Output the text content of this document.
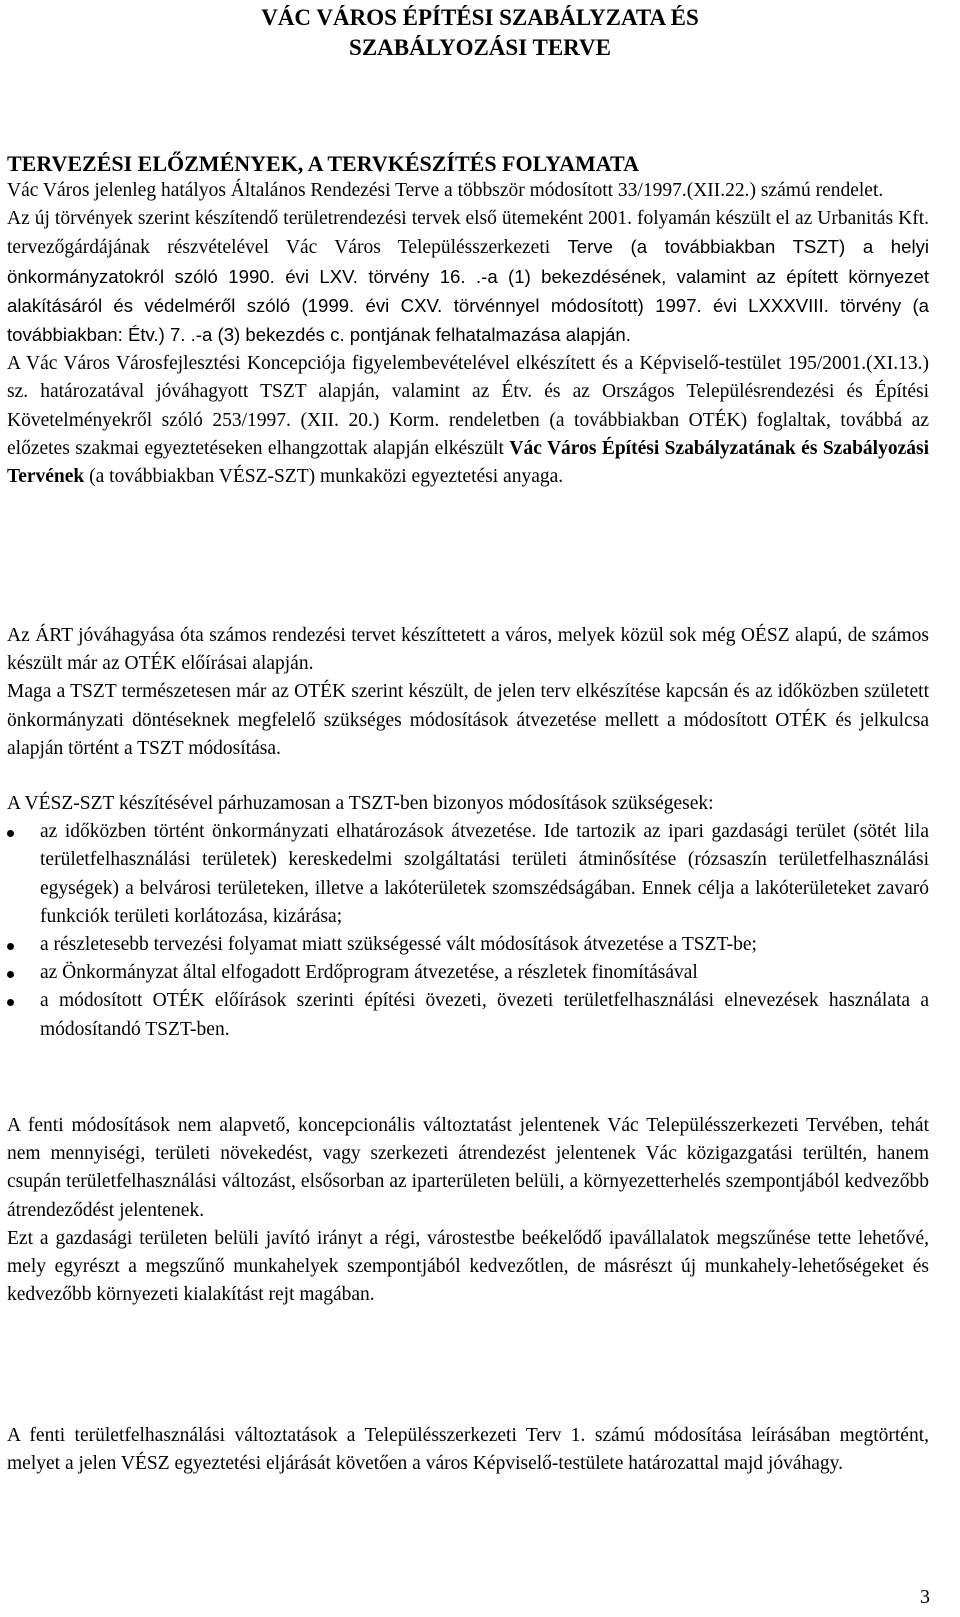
VÁC VÁROS ÉPÍTÉSI SZABÁLYZATA ÉS
SZABÁLYOZÁSI TERVE
TERVEZÉSI ELŐZMÉNYEK, A TERVKÉSZÍTÉS FOLYAMATA

Vác Város jelenleg hatályos Általános Rendezési Terve a többször módosított 33/1997.(XII.22.) számú rendelet.

Az új törvények szerint készítendő területrendezési tervek első ütemeként 2001. folyamán készült el az Urbanitás Kft. tervezőgárdájának részvételével Vác Város Településszerkezeti Terve (a továbbiakban TSZT) a helyi önkormányzatokról szóló 1990. évi LXV. törvény 16. .-a (1) bekezdésének, valamint az épített környezet alakításáról és védelméről szóló (1999. évi CXV. törvénnyel módosított) 1997. évi LXXXVIII. törvény (a továbbiakban: Étv.) 7. .-a (3) bekezdés c. pontjának felhatalmazása alapján.

A Vác Város Városfejlesztési Koncepciója figyelembevételével elkészített és a Képviselő-testület 195/2001.(XI.13.) sz. határozatával jóváhagyott TSZT alapján, valamint az Étv. és az Országos Településrendezési és Építési Követelményekről szóló 253/1997. (XII. 20.) Korm. rendeletben (a továbbiakban OTÉK) foglaltak, továbbá az előzetes szakmai egyeztetéseken elhangzottak alapján elkészült Vác Város Építési Szabályzatának és Szabályozási Tervének (a továbbiakban VÉSZ-SZT) munkaközi egyeztetési anyaga.

Az ÁRT jóváhagyása óta számos rendezési tervet készíttetett a város, melyek közül sok még OÉSZ alapú, de számos készült már az OTÉK előírásai alapján.

Maga a TSZT természetesen már az OTÉK szerint készült, de jelen terv elkészítése kapcsán és az időközben született önkormányzati döntéseknek megfelelő szükséges módosítások átvezetése mellett a módosított OTÉK és jelkulcsa alapján történt a TSZT módosítása.

A VÉSZ-SZT készítésével párhuzamosan a TSZT-ben bizonyos módosítások szükségesek:

az időközben történt önkormányzati elhatározások átvezetése. Ide tartozik az ipari gazdasági terület (sötét lila területfelhasználási területek) kereskedelmi szolgáltatási területi átminősítése (rózsaszín területfelhasználási egységek) a belvárosi területeken, illetve a lakóterületek szomszédságában. Ennek célja a lakóterületeket zavaró funkciók területi korlátozása, kizárása;
a részletesebb tervezési folyamat miatt szükségessé vált módosítások átvezetése a TSZT-be;
az Önkormányzat által elfogadott Erdőprogram átvezetése, a részletek finomításával
a módosított OTÉK előírások szerinti építési övezeti, övezeti területfelhasználási elnevezések használata a módosítandó TSZT-ben.

A fenti módosítások nem alapvető, koncepcionális változtatást jelentenek Vác Településszerkezeti Tervében, tehát nem mennyiségi, területi növekedést, vagy szerkezeti átrendezést jelentenek Vác közigazgatási terültén, hanem csupán területfelhasználási változást, elsősorban az iparterületen belüli, a környezetterhelés szempontjából kedvezőbb átrendeződést jelentenek.

Ezt a gazdasági területen belüli javító irányt a régi, várostestbe beékelődő ipavállalatok megszűnése tette lehetővé, mely egyrészt a megszűnő munkahelyek szempontjából kedvezőtlen, de másrészt új munkahely-lehetőségeket és kedvezőbb környezeti kialakítást rejt magában.

A fenti területfelhasználási változtatások a Településszerkezeti Terv 1. számú módosítása leírásában megtörtént, melyet a jelen VÉSZ egyeztetési eljárását követően a város Képviselő-testülete határozattal majd jóváhagy.

3
